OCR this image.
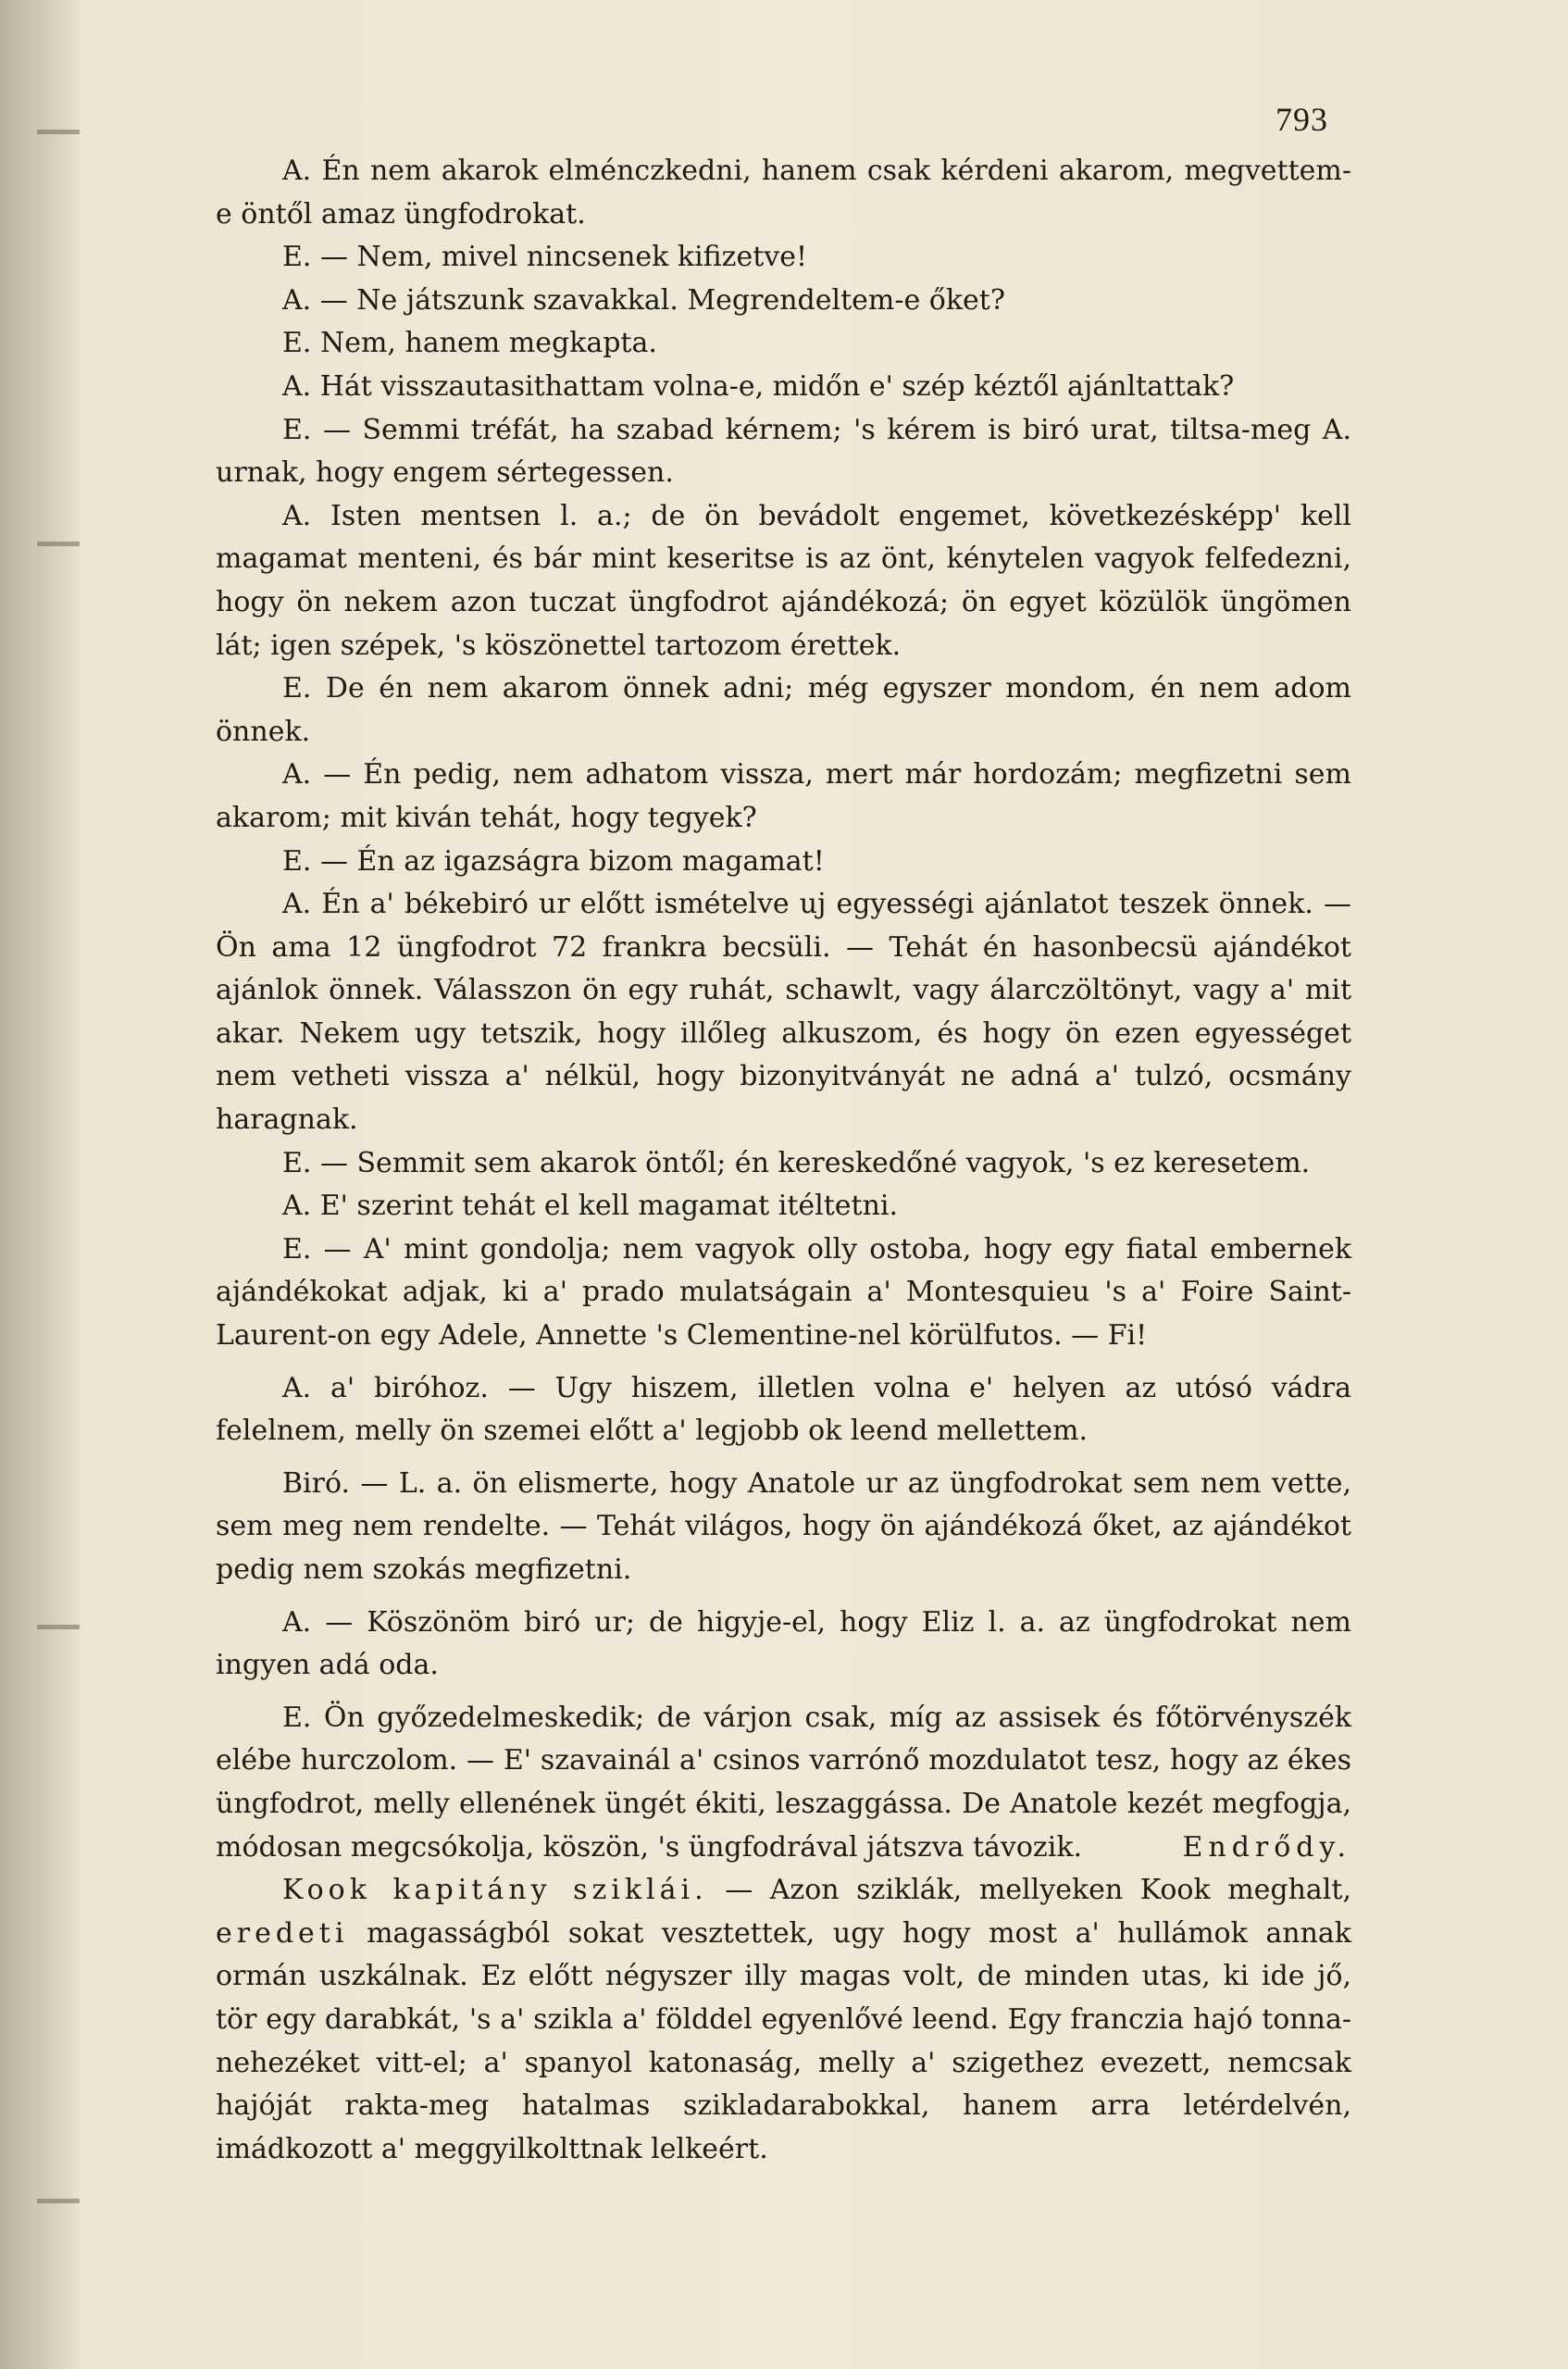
793

A. Én nem akarok elménczkedni, hanem csak kérdeni akarom, megvettem-e öntől amaz üngfodrokat.

E. — Nem, mivel nincsenek kifizetve!

A. — Ne játszunk szavakkal. Megrendeltem-e őket?

E. Nem, hanem megkapta.

A. Hát visszautasithattam volna-e, midőn e' szép kéztől ajánltattak?

E. — Semmi tréfát, ha szabad kérnem; 's kérem is biró urat, tiltsa-meg A. urnak, hogy engem sértegessen.

A. Isten mentsen l. a.; de ön bevádolt engemet, következésképp' kell magamat menteni, és bár mint keseritse is az önt, kénytelen vagyok felfedezni, hogy ön nekem azon tuczat üngfodrot ajándékozá; ön egyet közülök üngömen lát; igen szépek, 's köszönettel tartozom érettek.

E. De én nem akarom önnek adni; még egyszer mondom, én nem adom önnek.

A. — Én pedig, nem adhatom vissza, mert már hordozám; megfizetni sem akarom; mit kiván tehát, hogy tegyek?

E. — Én az igazságra bizom magamat!

A. Én a' békebiró ur előtt ismételve uj egyességi ajánlatot teszek önnek. — Ön ama 12 üngfodrot 72 frankra becsüli. — Tehát én hasonbecsü ajándékot ajánlok önnek. Válasszon ön egy ruhát, schawlt, vagy álarczöltönyt, vagy a' mit akar. Nekem ugy tetszik, hogy illőleg alkuszom, és hogy ön ezen egyességet nem vetheti vissza a' nélkül, hogy bizonyitványát ne adná a' tulzó, ocsmány haragnak.

E. — Semmit sem akarok öntől; én kereskedőné vagyok, 's ez keresetem.

A. E' szerint tehát el kell magamat itéltetni.

E. — A' mint gondolja; nem vagyok olly ostoba, hogy egy fiatal embernek ajándékokat adjak, ki a' prado mulatságain a' Montesquieu 's a' Foire Saint-Laurent-on egy Adele, Annette 's Clementine-nel körülfutos. — Fi!

A. a' biróhoz. — Ugy hiszem, illetlen volna e' helyen az utósó vádra felelnem, melly ön szemei előtt a' legjobb ok leend mellettem.

Biró. — L. a. ön elismerte, hogy Anatole ur az üngfodrokat sem nem vette, sem meg nem rendelte. — Tehát világos, hogy ön ajándékozá őket, az ajándékot pedig nem szokás megfizetni.

A. — Köszönöm biró ur; de higyje-el, hogy Eliz l. a. az üngfodrokat nem ingyen adá oda.

E. Ön győzedelmeskedik; de várjon csak, míg az assisek és főtörvényszék elébe hurczolom. — E' szavainál a' csinos varrónő mozdulatot tesz, hogy az ékes üngfodrot, melly ellenének üngét ékiti, leszaggássa. De Anatole kezét megfogja, módosan megcsókolja, köszön, 's üngfodrával játszva távozik.	Endrődy.

Kook kapitány sziklái. — Azon sziklák, mellyeken Kook meghalt, eredeti magasságból sokat vesztettek, ugy hogy most a' hullámok annak ormán uszkálnak. Ez előtt négyszer illy magas volt, de minden utas, ki ide jő, tör egy darabkát, 's a' szikla a' földdel egyenlővé leend. Egy franczia hajó tonna-nehezéket vitt-el; a' spanyol katonaság, melly a' szigethez evezett, nemcsak hajóját rakta-meg hatalmas szikladarabokkal, hanem arra letérdelvén, imádkozott a' meggyilkolttnak lelkeért.
